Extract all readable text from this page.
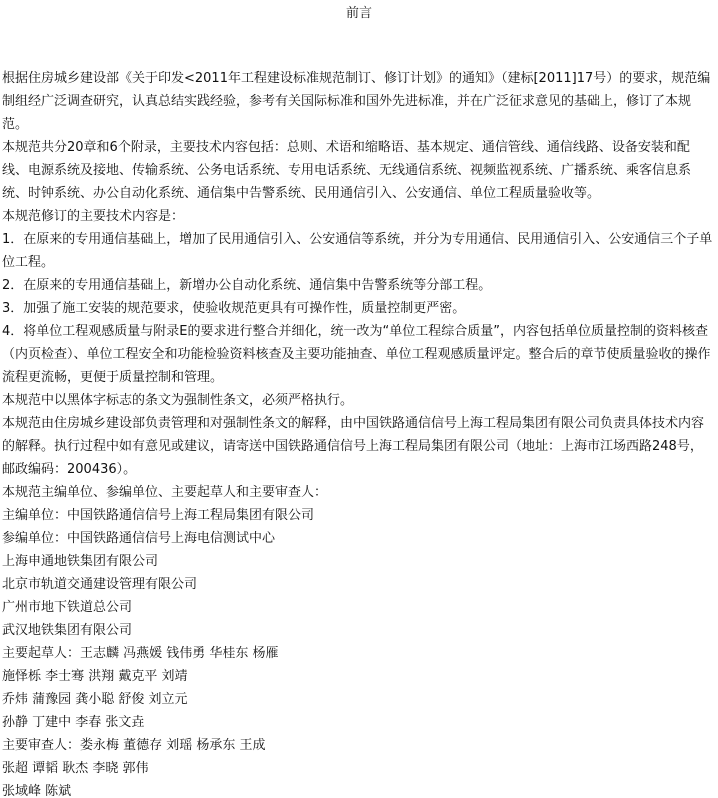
前言

根据住房城乡建设部《关于印发<2011年工程建设标准规范制订、修订计划》的通知》（建标[2011]17号）的要求，规范编制组经广泛调查研究，认真总结实践经验，参考有关国际标准和国外先进标准，并在广泛征求意见的基础上，修订了本规范。

本规范共分20章和6个附录，主要技术内容包括：总则、术语和缩略语、基本规定、通信管线、通信线路、设备安装和配线、电源系统及接地、传输系统、公务电话系统、专用电话系统、无线通信系统、视频监视系统、广播系统、乘客信息系统、时钟系统、办公自动化系统、通信集中告警系统、民用通信引入、公安通信、单位工程质量验收等。

本规范修订的主要技术内容是：

1．在原来的专用通信基础上，增加了民用通信引入、公安通信等系统，并分为专用通信、民用通信引入、公安通信三个子单位工程。

2．在原来的专用通信基础上，新增办公自动化系统、通信集中告警系统等分部工程。

3．加强了施工安装的规范要求，使验收规范更具有可操作性，质量控制更严密。

4．将单位工程观感质量与附录E的要求进行整合并细化，统一改为“单位工程综合质量”，内容包括单位质量控制的资料核查（内页检查）、单位工程安全和功能检验资料核查及主要功能抽查、单位工程观感质量评定。整合后的章节使质量验收的操作流程更流畅，更便于质量控制和管理。

本规范中以黑体字标志的条文为强制性条文，必须严格执行。

本规范由住房城乡建设部负责管理和对强制性条文的解释，由中国铁路通信信号上海工程局集团有限公司负责具体技术内容的解释。执行过程中如有意见或建议，请寄送中国铁路通信信号上海工程局集团有限公司（地址：上海市江场西路248号，邮政编码：200436）。

本规范主编单位、参编单位、主要起草人和主要审查人：

主编单位：中国铁路通信信号上海工程局集团有限公司

参编单位：中国铁路通信信号上海电信测试中心

上海申通地铁集团有限公司

北京市轨道交通建设管理有限公司

广州市地下铁道总公司

武汉地铁集团有限公司

主要起草人：王志麟 冯燕媛 钱伟勇 华桂东 杨雁

施怿栎 李士骞 洪翔 戴克平 刘靖

乔炜 蒲豫园 龚小聪 舒俊 刘立元

孙静 丁建中 李春 张文垚

主要审查人：娄永梅 董德存 刘瑶 杨承东 王成

张超 谭韬 耿杰 李晓 郭伟

张域峰 陈斌
